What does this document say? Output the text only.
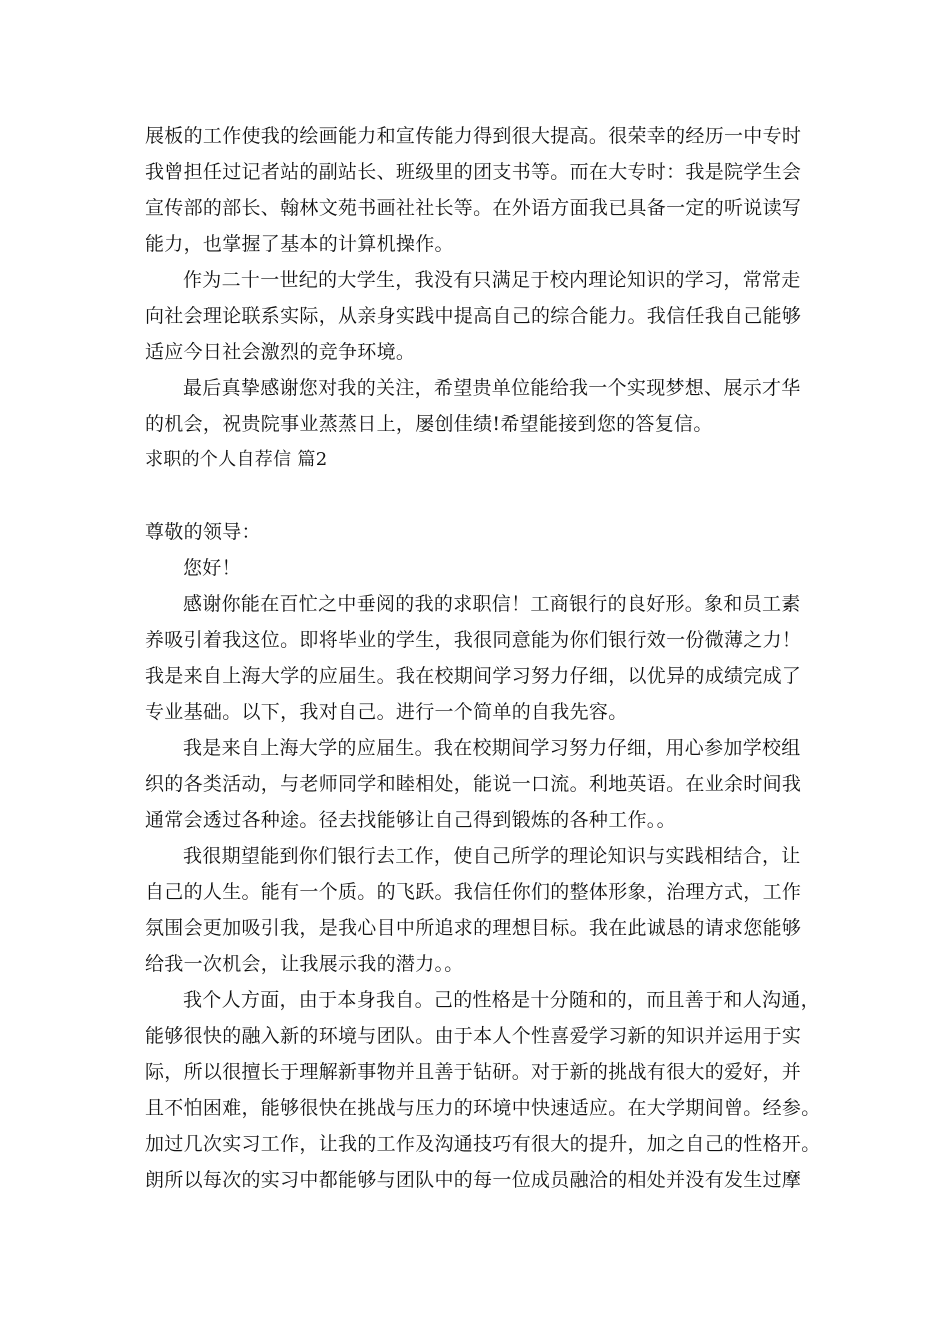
展板的工作使我的绘画能力和宣传能力得到很大提高。很荣幸的经历一中专时
我曾担任过记者站的副站长、班级里的团支书等。而在大专时：我是院学生会
宣传部的部长、翰林文苑书画社社长等。在外语方面我已具备一定的听说读写
能力，也掌握了基本的计算机操作。
作为二十一世纪的大学生，我没有只满足于校内理论知识的学习，常常走
向社会理论联系实际，从亲身实践中提高自己的综合能力。我信任我自己能够
适应今日社会激烈的竞争环境。
最后真挚感谢您对我的关注，希望贵单位能给我一个实现梦想、展示才华
的机会，祝贵院事业蒸蒸日上，屡创佳绩!希望能接到您的答复信。
求职的个人自荐信 篇2
尊敬的领导：
您好！
感谢你能在百忙之中垂阅的我的求职信！工商银行的良好形。象和员工素
养吸引着我这位。即将毕业的学生，我很同意能为你们银行效一份微薄之力！
我是来自上海大学的应届生。我在校期间学习努力仔细，以优异的成绩完成了
专业基础。以下，我对自己。进行一个简单的自我先容。
我是来自上海大学的应届生。我在校期间学习努力仔细，用心参加学校组
织的各类活动，与老师同学和睦相处，能说一口流。利地英语。在业余时间我
通常会透过各种途。径去找能够让自己得到锻炼的各种工作。。
我很期望能到你们银行去工作，使自己所学的理论知识与实践相结合，让
自己的人生。能有一个质。的飞跃。我信任你们的整体形象，治理方式，工作
氛围会更加吸引我，是我心目中所追求的理想目标。我在此诚恳的请求您能够
给我一次机会，让我展示我的潜力。。
我个人方面，由于本身我自。己的性格是十分随和的，而且善于和人沟通，
能够很快的融入新的环境与团队。由于本人个性喜爱学习新的知识并运用于实
际，所以很擅长于理解新事物并且善于钻研。对于新的挑战有很大的爱好，并
且不怕困难，能够很快在挑战与压力的环境中快速适应。在大学期间曾。经参。
加过几次实习工作，让我的工作及沟通技巧有很大的提升，加之自己的性格开。
朗所以每次的实习中都能够与团队中的每一位成员融洽的相处并没有发生过摩
